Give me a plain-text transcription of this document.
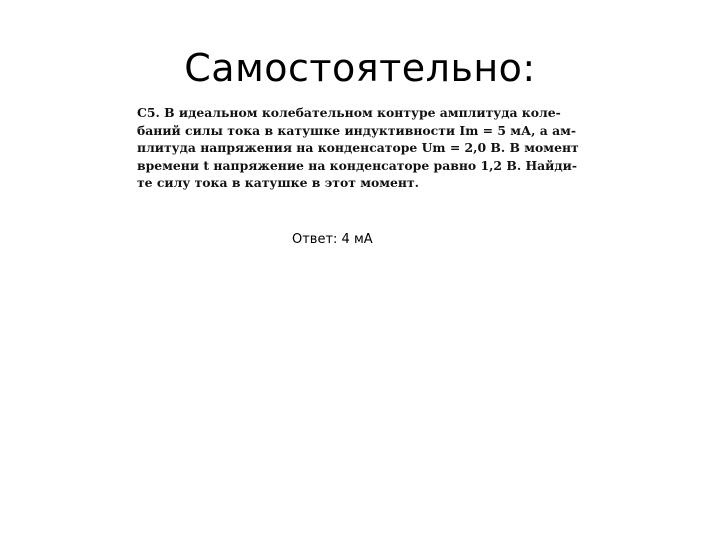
Самостоятельно:
С5. В идеальном колебательном контуре амплитуда коле-
баний силы тока в катушке индуктивности Im = 5 мА, а ам-
плитуда напряжения на конденсаторе Um = 2,0 В. В момент
времени t напряжение на конденсаторе равно 1,2 В. Найди-
те силу тока в катушке в этот момент.
Ответ: 4 мА
